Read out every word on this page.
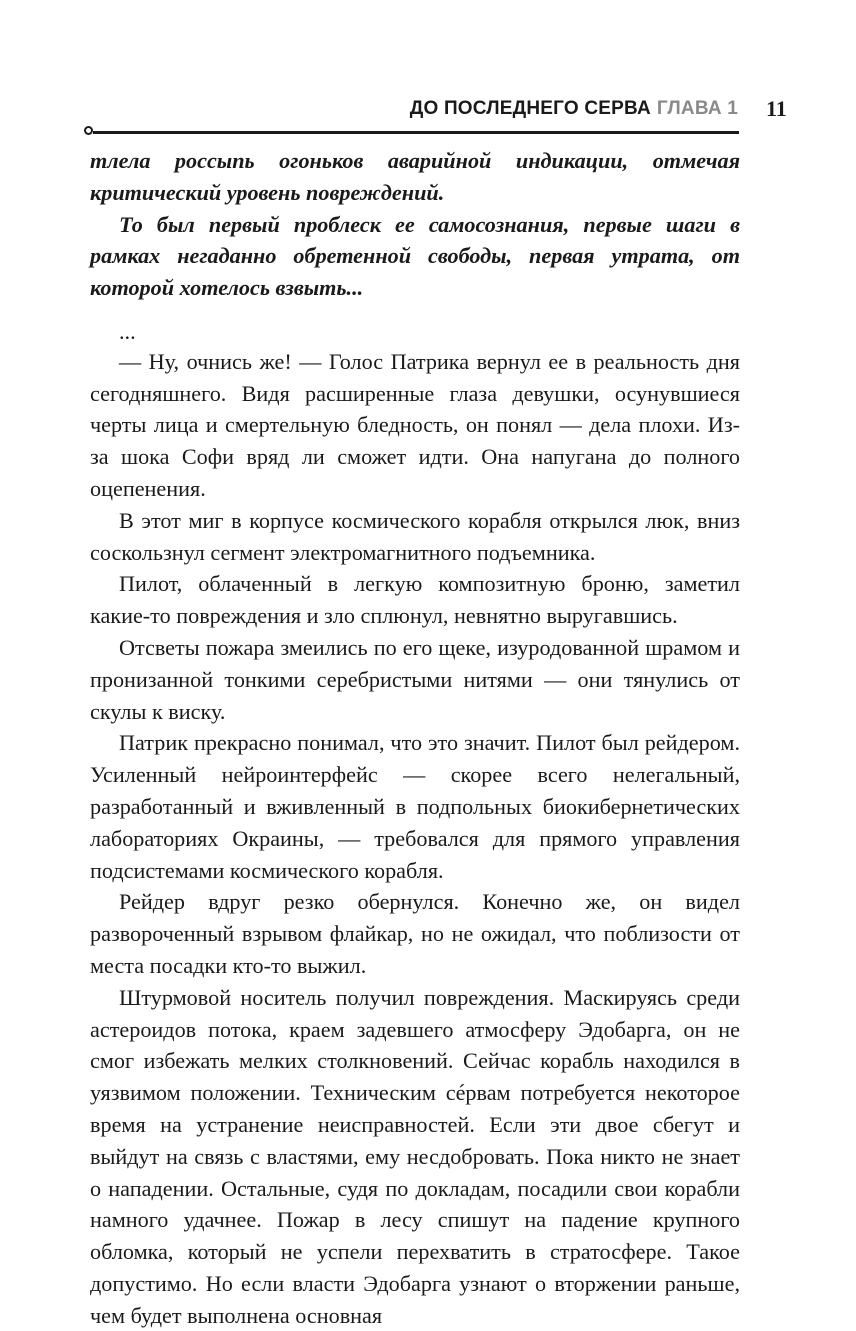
ДО ПОСЛЕДНЕГО СЕРВА ГЛАВА 1 11

тлела россыпь огоньков аварийной индикации, отмечая критический уровень повреждений.

То был первый проблеск ее самосознания, первые шаги в рамках негаданно обретенной свободы, первая утрата, от которой хотелось взвыть...

...

— Ну, очнись же! — Голос Патрика вернул ее в реальность дня сегодняшнего. Видя расширенные глаза девушки, осунувшиеся черты лица и смертельную бледность, он понял — дела плохи. Из-за шока Софи вряд ли сможет идти. Она напугана до полного оцепенения.

В этот миг в корпусе космического корабля открылся люк, вниз соскользнул сегмент электромагнитного подъемника.

Пилот, облаченный в легкую композитную броню, заметил какие-то повреждения и зло сплюнул, невнятно выругавшись.

Отсветы пожара змеились по его щеке, изуродованной шрамом и пронизанной тонкими серебристыми нитями — они тянулись от скулы к виску.

Патрик прекрасно понимал, что это значит. Пилот был рейдером. Усиленный нейроинтерфейс — скорее всего нелегальный, разработанный и вживленный в подпольных биокибернетических лабораториях Окраины, — требовался для прямого управления подсистемами космического корабля.

Рейдер вдруг резко обернулся. Конечно же, он видел развороченный взрывом флайкар, но не ожидал, что поблизости от места посадки кто-то выжил.

Штурмовой носитель получил повреждения. Маскируясь среди астероидов потока, краем задевшего атмосферу Эдобарга, он не смог избежать мелких столкновений. Сейчас корабль находился в уязвимом положении. Техническим сéрвам потребуется некоторое время на устранение неисправностей. Если эти двое сбегут и выйдут на связь с властями, ему несдобровать. Пока никто не знает о нападении. Остальные, судя по докладам, посадили свои корабли намного удачнее. Пожар в лесу спишут на падение крупного обломка, который не успели перехватить в стратосфере. Такое допустимо. Но если власти Эдобарга узнают о вторжении раньше, чем будет выполнена основная
